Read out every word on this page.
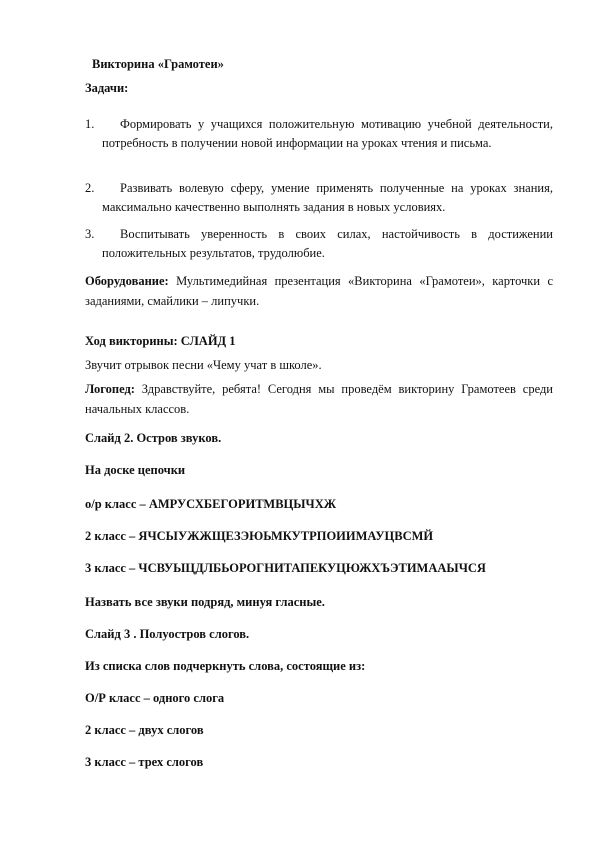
Викторина «Грамотеи»
Задачи:
1.	Формировать у учащихся положительную мотивацию учебной деятельности, потребность в получении новой информации на уроках чтения и письма.
2.	Развивать волевую сферу, умение применять полученные на уроках знания, максимально качественно выполнять задания в новых условиях.
3.	Воспитывать уверенность в своих силах, настойчивость в достижении положительных результатов, трудолюбие.
Оборудование: Мультимедийная презентация «Викторина «Грамотеи», карточки с заданиями, смайлики – липучки.
Ход викторины: СЛАЙД 1
Звучит отрывок песни «Чему учат в школе».
Логопед: Здравствуйте, ребята! Сегодня мы проведём викторину Грамотеев среди начальных классов.
Слайд 2. Остров звуков.
На доске цепочки
о/р класс – АМРУСХБЕГОРИТМВЦЫЧХЖ
2 класс – ЯЧСЫУЖЖЩЕЗЭЮЬМКУТРПОИИМАУЦВСМЙ
3 класс – ЧСВУЫЦДЛБЬОРОГНИТАПЕКУЦЮЖХЪЭТИМААЫЧСЯ
Назвать все звуки подряд, минуя гласные.
Слайд 3 . Полуостров слогов.
Из списка слов подчеркнуть слова, состоящие из:
О/Р класс – одного слога
2 класс – двух слогов
3 класс – трех слогов
